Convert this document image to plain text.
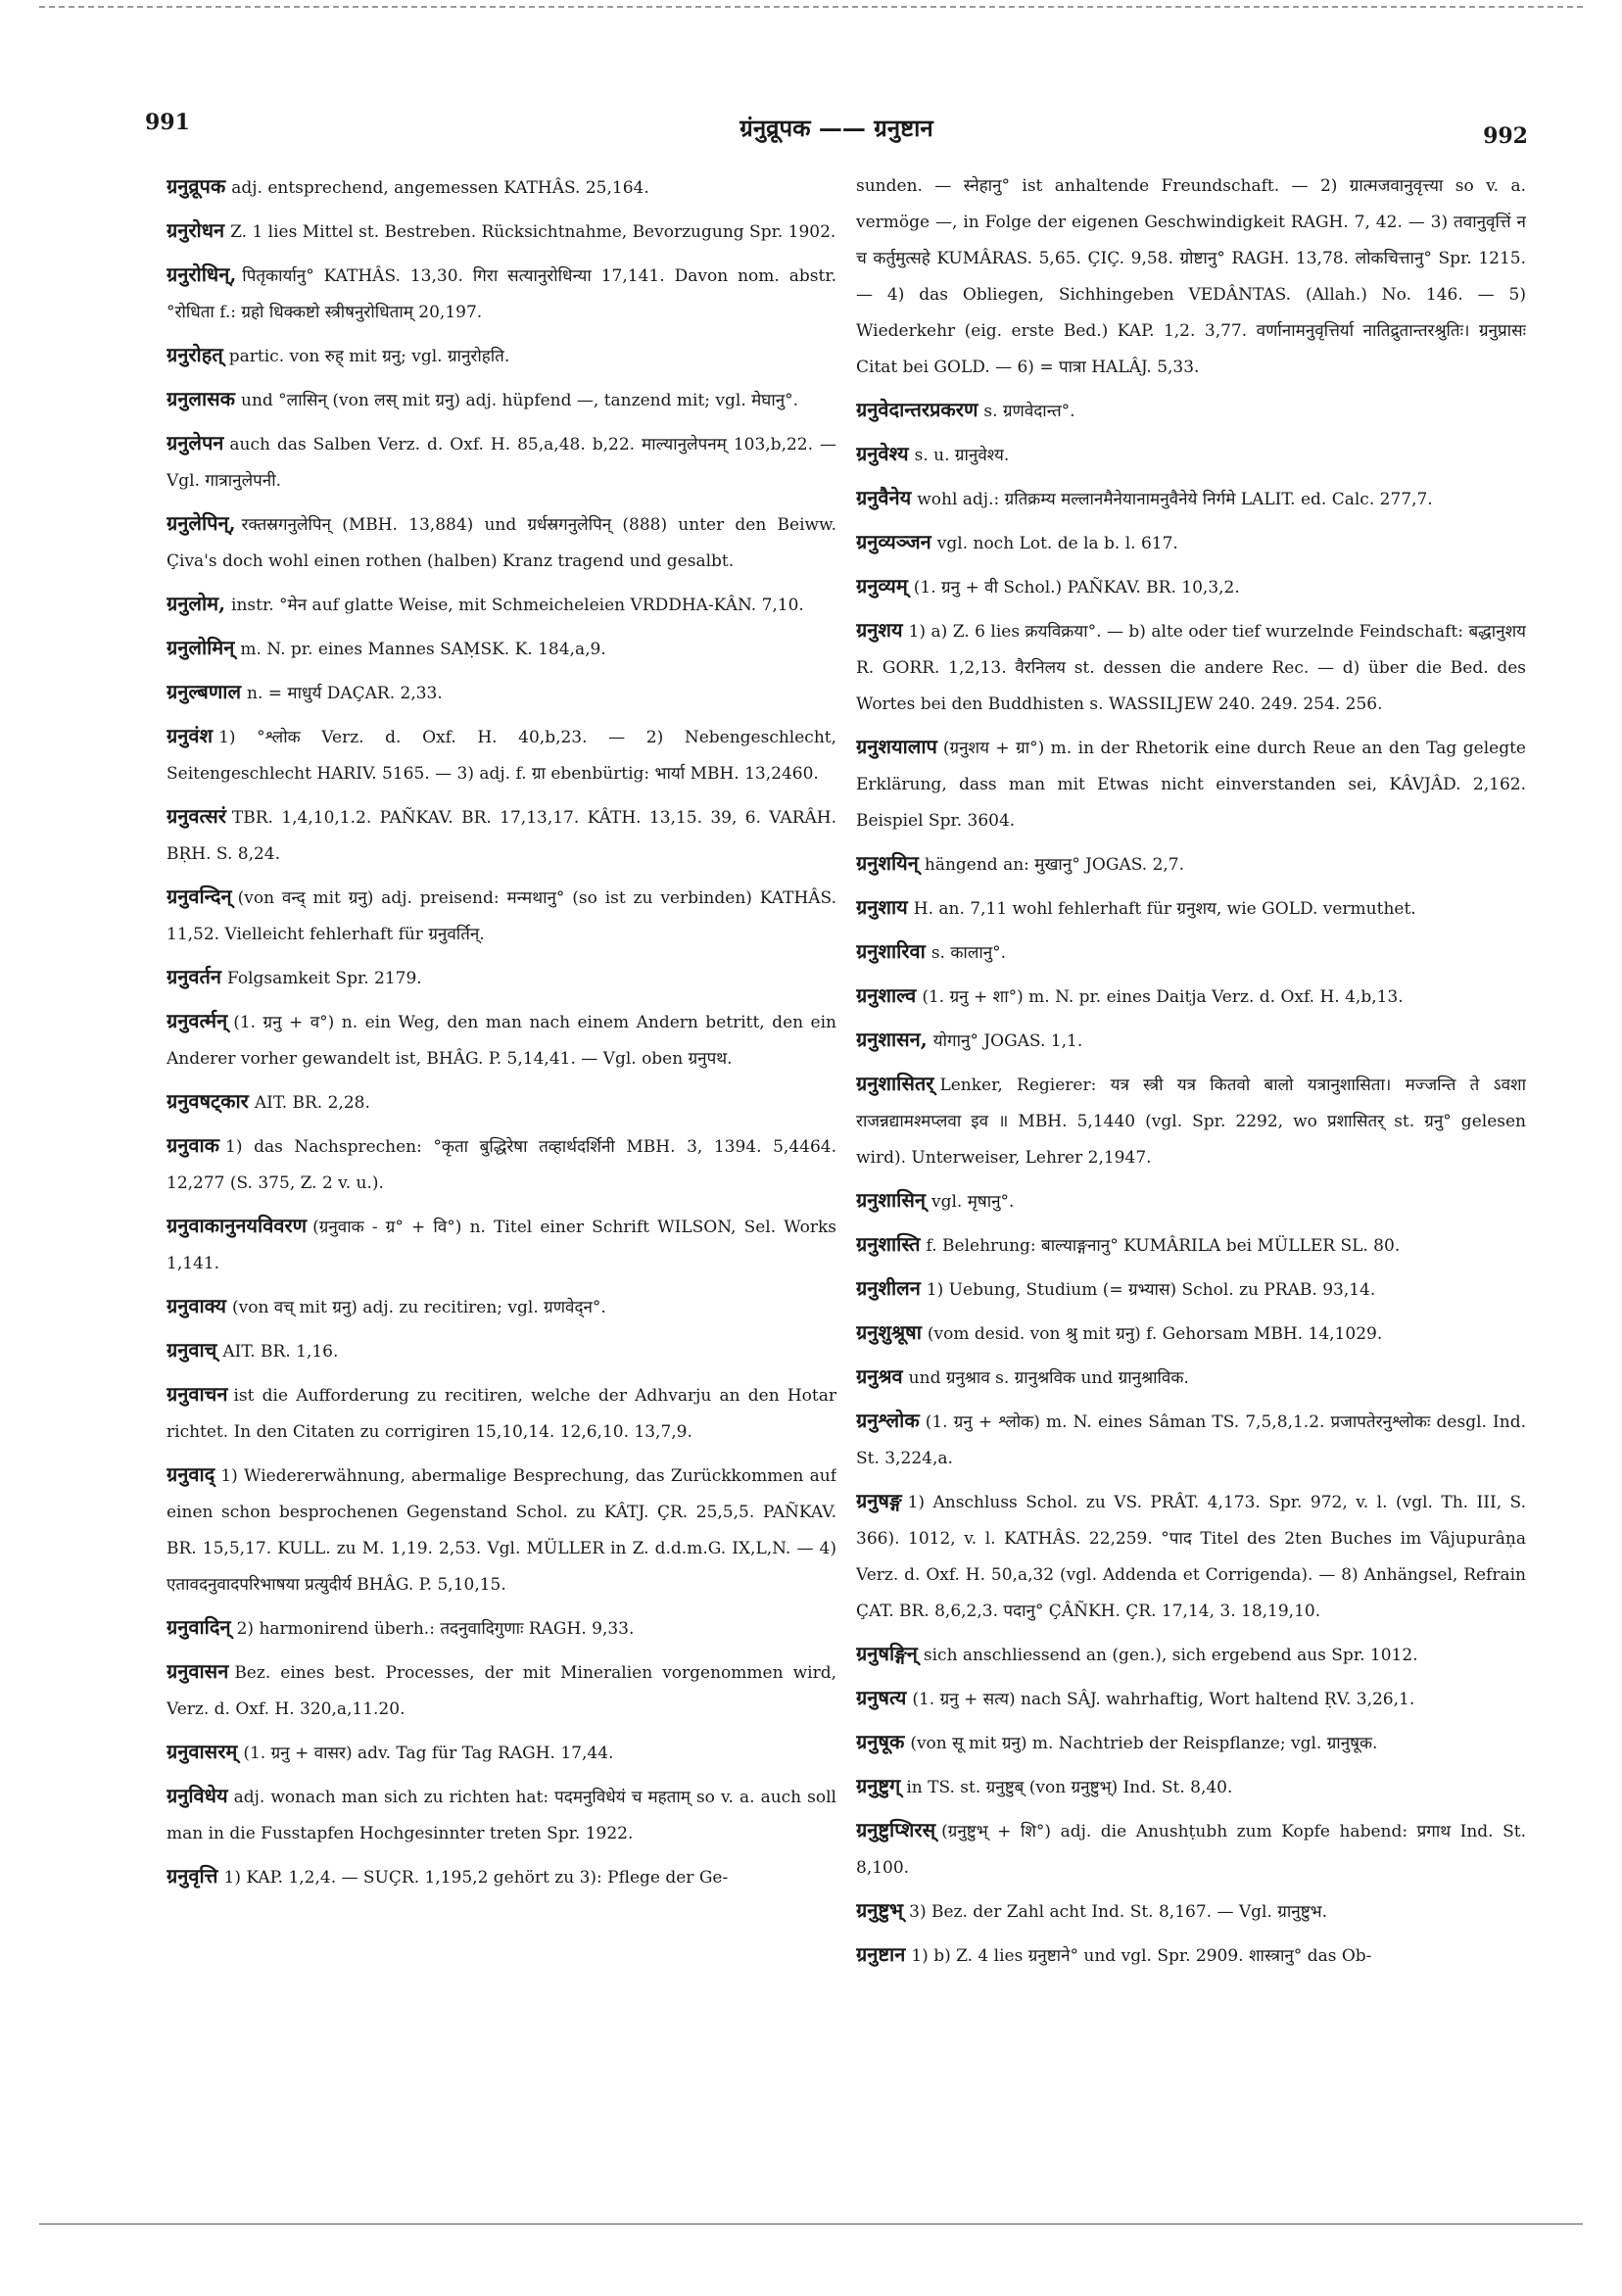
991	ग्रंनुव्रूपक —— ग्रनुष्टान	992

ग्रनुव्रूपक adj. entsprechend, angemessen KATHÂS. 25,164.

ग्रनुरोधन Z. 1 lies Mittel st. Bestreben. Rücksichtnahme, Bevorzugung Spr. 1902.

ग्रनुरोधिन्, पितृकार्यानु° KATHÂS. 13,30. गिरा सत्यानुरोधिन्या 17,141. Davon nom. abstr. °रोधिता f.: ग्रहो धिक्कष्टो स्त्रीषनुरोधिताम् 20,197.

ग्रनुरोहत् partic. von रुह् mit ग्रनु; vgl. ग्रानुरोहति.

ग्रनुलासक und °लासिन् (von लस् mit ग्रनु) adj. hüpfend —, tanzend mit; vgl. मेघानु°.

ग्रनुलेपन auch das Salben Verz. d. Oxf. H. 85,a,48. b,22. माल्यानुलेपनम् 103,b,22. — Vgl. गात्रानुलेपनी.

ग्रनुलेपिन्, रक्तस्रगनुलेपिन् (MBH. 13,884) und ग्रर्धस्रगनुलेपिन् (888) unter den Beiww. Çiva's doch wohl einen rothen (halben) Kranz tragend und gesalbt.

ग्रनुलोम, instr. °मेन auf glatte Weise, mit Schmeicheleien VRDDHA-KÂN. 7,10.

ग्रनुलोमिन् m. N. pr. eines Mannes SAṂSK. K. 184,a,9.

ग्रनुल्बणाल n. = माधुर्य DAÇAR. 2,33.

ग्रनुवंश 1) °श्लोक Verz. d. Oxf. H. 40,b,23. — 2) Nebengeschlecht, Seitengeschlecht HARIV. 5165. — 3) adj. f. ग्रा ebenbürtig: भार्या MBH. 13,2460.

ग्रनुवत्सरं TBR. 1,4,10,1.2. PAÑKAV. BR. 17,13,17. KÂTH. 13,15. 39, 6. VARÂH. BṚH. S. 8,24.

ग्रनुवन्दिन् (von वन्द् mit ग्रनु) adj. preisend: मन्मथानु° (so ist zu verbinden) KATHÂS. 11,52. Vielleicht fehlerhaft für ग्रनुवर्तिन्.

ग्रनुवर्तन Folgsamkeit Spr. 2179.

ग्रनुवर्त्मन् (1. ग्रनु + व°) n. ein Weg, den man nach einem Andern betritt, den ein Anderer vorher gewandelt ist, BHÂG. P. 5,14,41. — Vgl. oben ग्रनुपथ.

ग्रनुवषट्कार AIT. BR. 2,28.

ग्रनुवाक 1) das Nachsprechen: °कृता बुद्धिरेषा तव्हार्थदर्शिनी MBH. 3, 1394. 5,4464. 12,277 (S. 375, Z. 2 v. u.).

ग्रनुवाकानुनयविवरण (ग्रनुवाक - ग्र° + वि°) n. Titel einer Schrift WILSON, Sel. Works 1,141.

ग्रनुवाक्य (von वच् mit ग्रनु) adj. zu recitiren; vgl. ग्रणवेद्न°.

ग्रनुवाच् AIT. BR. 1,16.

ग्रनुवाचन ist die Aufforderung zu recitiren, welche der Adhvarju an den Hotar richtet. In den Citaten zu corrigiren 15,10,14. 12,6,10. 13,7,9.

ग्रनुवाद् 1) Wiedererwähnung, abermalige Besprechung, das Zurückkommen auf einen schon besprochenen Gegenstand Schol. zu KÂTJ. ÇR. 25,5,5. PAÑKAV. BR. 15,5,17. KULL. zu M. 1,19. 2,53. Vgl. MÜLLER in Z. d.d.m.G. IX,L,N. — 4) एतावदनुवादपरिभाषया प्रत्युदीर्य BHÂG. P. 5,10,15.

ग्रनुवादिन् 2) harmonirend überh.: तदनुवादिगुणाः RAGH. 9,33.

ग्रनुवासन Bez. eines best. Processes, der mit Mineralien vorgenommen wird, Verz. d. Oxf. H. 320,a,11.20.

ग्रनुवासरम् (1. ग्रनु + वासर) adv. Tag für Tag RAGH. 17,44.

ग्रनुविधेय adj. wonach man sich zu richten hat: पदमनुविधेयं च महताम् so v. a. auch soll man in die Fusstapfen Hochgesinnter treten Spr. 1922.

ग्रनुवृत्ति 1) KAP. 1,2,4. — SUÇR. 1,195,2 gehört zu 3): Pflege der Ge-

sunden. — स्नेहानु° ist anhaltende Freundschaft. — 2) ग्रात्मजवानुवृत्त्या so v. a. vermöge —, in Folge der eigenen Geschwindigkeit RAGH. 7, 42. — 3) तवानुवृत्तिं न च कर्तुमुत्सहे KUMÂRAS. 5,65. ÇIÇ. 9,58. ग्रोष्टानु° RAGH. 13,78. लोकचित्तानु° Spr. 1215. — 4) das Obliegen, Sichhingeben VEDÂNTAS. (Allah.) No. 146. — 5) Wiederkehr (eig. erste Bed.) KAP. 1,2. 3,77. वर्णानामनुवृत्तिर्या नातिद्रुतान्तरश्रुतिः। ग्रनुप्रासः Citat bei GOLD. — 6) = पात्रा HALÂJ. 5,33.

ग्रनुवेदान्तरप्रकरण s. ग्रणवेदान्त°.

ग्रनुवेश्य s. u. ग्रानुवेश्य.

ग्रनुवैनेय wohl adj.: ग्रतिक्रम्य मल्लानमैनेयानामनुवैनेये निर्गमे LALIT. ed. Calc. 277,7.

ग्रनुव्यञ्जन vgl. noch Lot. de la b. l. 617.

ग्रनुव्यम् (1. ग्रनु + वी Schol.) PAÑKAV. BR. 10,3,2.

ग्रनुशय 1) a) Z. 6 lies क्रयविक्रया°. — b) alte oder tief wurzelnde Feindschaft: बद्धानुशय R. GORR. 1,2,13. वैरनिलय st. dessen die andere Rec. — d) über die Bed. des Wortes bei den Buddhisten s. WASSILJEW 240. 249. 254. 256.

ग्रनुशयालाप (ग्रनुशय + ग्रा°) m. in der Rhetorik eine durch Reue an den Tag gelegte Erklärung, dass man mit Etwas nicht einverstanden sei, KÂVJÂD. 2,162. Beispiel Spr. 3604.

ग्रनुशयिन् hängend an: मुखानु° JOGAS. 2,7.

ग्रनुशाय H. an. 7,11 wohl fehlerhaft für ग्रनुशय, wie GOLD. vermuthet.

ग्रनुशारिवा s. कालानु°.

ग्रनुशाल्व (1. ग्रनु + शा°) m. N. pr. eines Daitja Verz. d. Oxf. H. 4,b,13.

ग्रनुशासन, योगानु° JOGAS. 1,1.

ग्रनुशासितर् Lenker, Regierer: यत्र स्त्री यत्र कितवो बालो यत्रानुशासिता। मज्जन्ति ते ऽवशा राजन्नद्यामश्मप्लवा इव ॥ MBH. 5,1440 (vgl. Spr. 2292, wo प्रशासितर् st. ग्रनु° gelesen wird). Unterweiser, Lehrer 2,1947.

ग्रनुशासिन् vgl. मृषानु°.

ग्रनुशास्ति f. Belehrung: बाल्याङ्गनानु° KUMÂRILA bei MÜLLER SL. 80.

ग्रनुशीलन 1) Uebung, Studium (= ग्रभ्यास) Schol. zu PRAB. 93,14.

ग्रनुशुश्रूषा (vom desid. von श्रु mit ग्रनु) f. Gehorsam MBH. 14,1029.

ग्रनुश्रव und ग्रनुश्राव s. ग्रानुश्रविक und ग्रानुश्राविक.

ग्रनुश्लोक (1. ग्रनु + श्लोक) m. N. eines Sâman TS. 7,5,8,1.2. प्रजापतेरनुश्लोकः desgl. Ind. St. 3,224,a.

ग्रनुषङ्ग 1) Anschluss Schol. zu VS. PRÂT. 4,173. Spr. 972, v. l. (vgl. Th. III, S. 366). 1012, v. l. KATHÂS. 22,259. °पाद Titel des 2ten Buches im Vâjupurâṇa Verz. d. Oxf. H. 50,a,32 (vgl. Addenda et Corrigenda). — 8) Anhängsel, Refrain ÇAT. BR. 8,6,2,3. पदानु° ÇÂÑKH. ÇR. 17,14, 3. 18,19,10.

ग्रनुषङ्गिन् sich anschliessend an (gen.), sich ergebend aus Spr. 1012.

ग्रनुषत्य (1. ग्रनु + सत्य) nach SÂJ. wahrhaftig, Wort haltend ṚV. 3,26,1.

ग्रनुषूक (von सू mit ग्रनु) m. Nachtrieb der Reispflanze; vgl. ग्रानुषूक.

ग्रनुष्टुग् in TS. st. ग्रनुष्टुब् (von ग्रनुष्टुभ्) Ind. St. 8,40.

ग्रनुष्टुप्शिरस् (ग्रनुष्टुभ् + शि°) adj. die Anushṭubh zum Kopfe habend: प्रगाथ Ind. St. 8,100.

ग्रनुष्टुभ् 3) Bez. der Zahl acht Ind. St. 8,167. — Vgl. ग्रानुष्टुभ.

ग्रनुष्टान 1) b) Z. 4 lies ग्रनुष्टाने° und vgl. Spr. 2909. शास्त्रानु° das Ob-
